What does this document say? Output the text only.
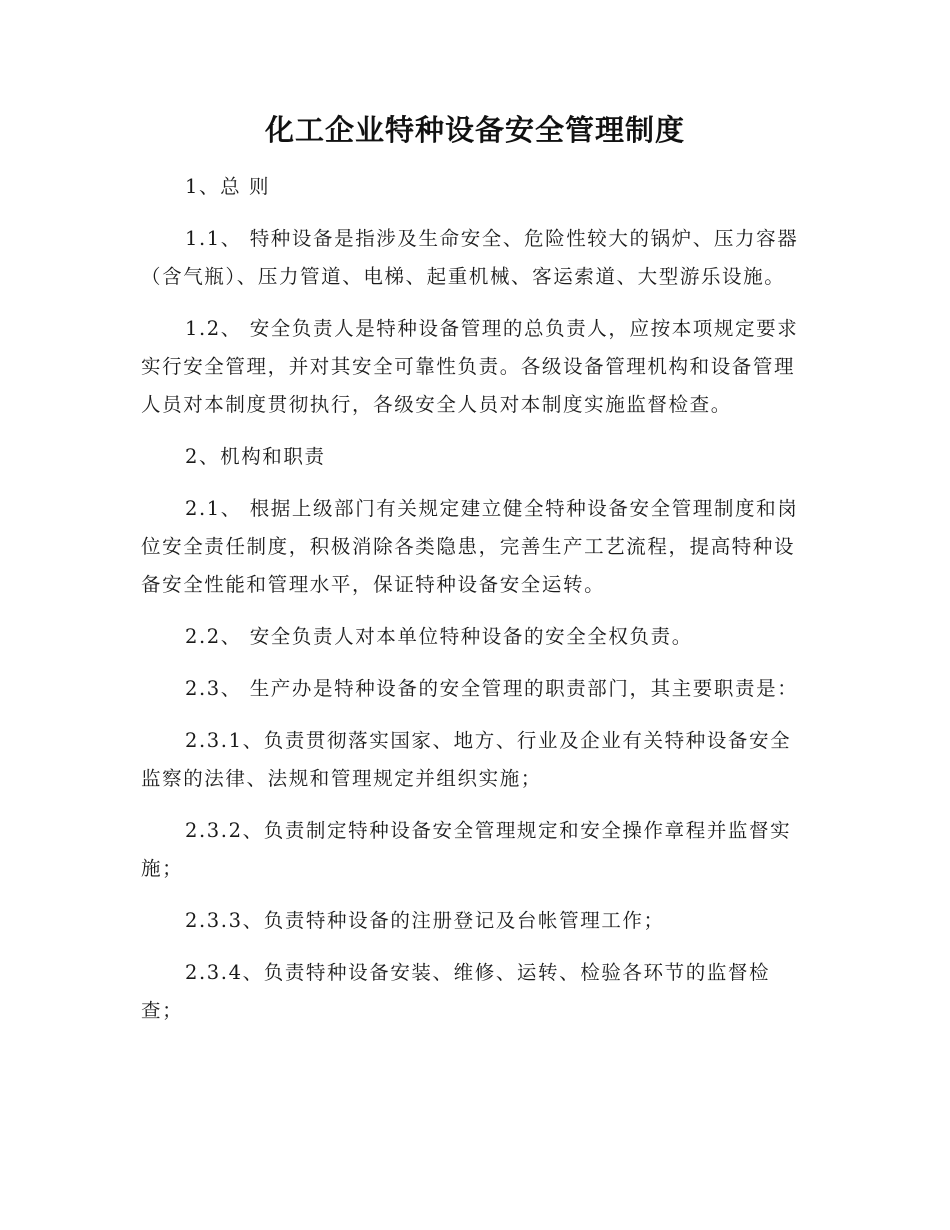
化工企业特种设备安全管理制度

1、总 则

1.1、 特种设备是指涉及生命安全、危险性较大的锅炉、压力容器（含气瓶）、压力管道、电梯、起重机械、客运索道、大型游乐设施。

1.2、 安全负责人是特种设备管理的总负责人，应按本项规定要求实行安全管理，并对其安全可靠性负责。各级设备管理机构和设备管理人员对本制度贯彻执行，各级安全人员对本制度实施监督检查。

2、机构和职责

2.1、 根据上级部门有关规定建立健全特种设备安全管理制度和岗位安全责任制度，积极消除各类隐患，完善生产工艺流程，提高特种设备安全性能和管理水平，保证特种设备安全运转。

2.2、 安全负责人对本单位特种设备的安全全权负责。

2.3、 生产办是特种设备的安全管理的职责部门，其主要职责是：

2.3.1、负责贯彻落实国家、地方、行业及企业有关特种设备安全监察的法律、法规和管理规定并组织实施；

2.3.2、负责制定特种设备安全管理规定和安全操作章程并监督实施；

2.3.3、负责特种设备的注册登记及台帐管理工作；

2.3.4、负责特种设备安装、维修、运转、检验各环节的监督检查；
